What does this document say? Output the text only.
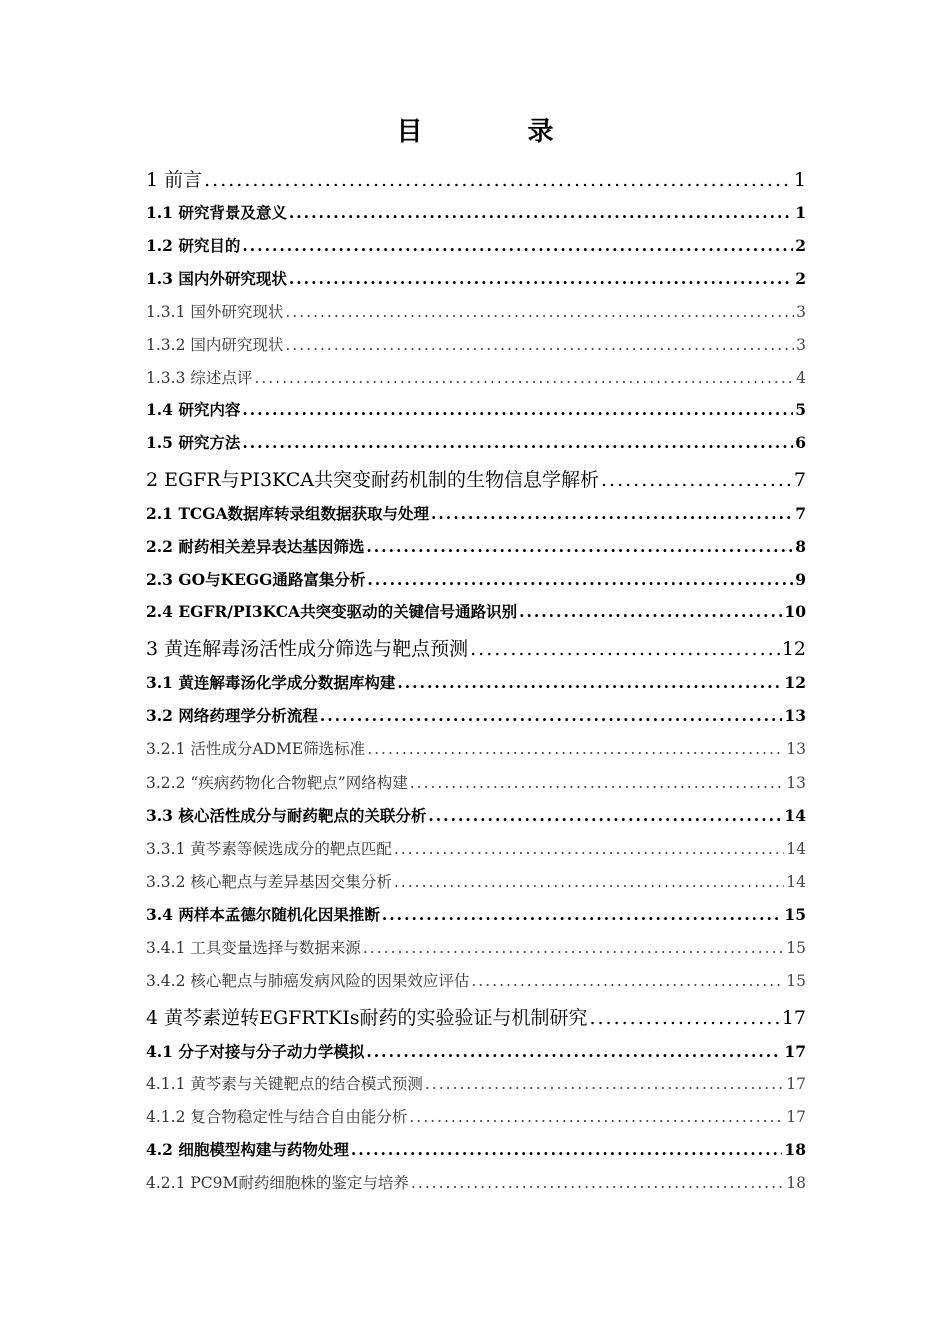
目 录
1 前言 .....	1
1.1 研究背景及意义 .....	1
1.2 研究目的 .....	2
1.3 国内外研究现状 .....	2
1.3.1 国外研究现状 .....	3
1.3.2 国内研究现状 .....	3
1.3.3 综述点评 .....	4
1.4 研究内容 .....	5
1.5 研究方法 .....	6
2 EGFR与PI3KCA共突变耐药机制的生物信息学解析 .....	7
2.1 TCGA数据库转录组数据获取与处理 .....	7
2.2 耐药相关差异表达基因筛选 .....	8
2.3 GO与KEGG通路富集分析 .....	9
2.4 EGFR/PI3KCA共突变驱动的关键信号通路识别 .....	10
3 黄连解毒汤活性成分筛选与靶点预测 .....	12
3.1 黄连解毒汤化学成分数据库构建 .....	12
3.2 网络药理学分析流程 .....	13
3.2.1 活性成分ADME筛选标准 .....	13
3.2.2 “疾病药物化合物靶点”网络构建 .....	13
3.3 核心活性成分与耐药靶点的关联分析 .....	14
3.3.1 黄芩素等候选成分的靶点匹配 .....	14
3.3.2 核心靶点与差异基因交集分析 .....	14
3.4 两样本孟德尔随机化因果推断 .....	15
3.4.1 工具变量选择与数据来源 .....	15
3.4.2 核心靶点与肺癌发病风险的因果效应评估 .....	15
4 黄芩素逆转EGFRTKIs耐药的实验验证与机制研究 .....	17
4.1 分子对接与分子动力学模拟 .....	17
4.1.1 黄芩素与关键靶点的结合模式预测 .....	17
4.1.2 复合物稳定性与结合自由能分析 .....	17
4.2 细胞模型构建与药物处理 .....	18
4.2.1 PC9M耐药细胞株的鉴定与培养 .....	18
